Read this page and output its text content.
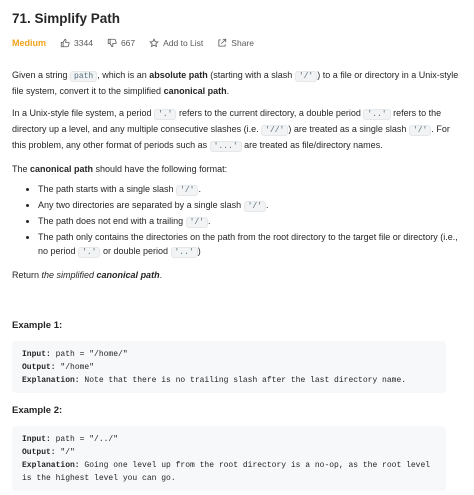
71. Simplify Path
Medium	3344	667	Add to List	Share

Given a string path , which is an absolute path (starting with a slash '/' ) to a file or directory in a Unix-style file system, convert it to the simplified canonical path.

In a Unix-style file system, a period '.' refers to the current directory, a double period '..' refers to the directory up a level, and any multiple consecutive slashes (i.e. '//' ) are treated as a single slash '/' . For this problem, any other format of periods such as '...' are treated as file/directory names.

The canonical path should have the following format:

• The path starts with a single slash '/' .
• Any two directories are separated by a single slash '/' .
• The path does not end with a trailing '/' .
• The path only contains the directories on the path from the root directory to the target file or directory (i.e., no period '.' or double period '..' )

Return the simplified canonical path.

Example 1:
Input: path = "/home/"
Output: "/home"
Explanation: Note that there is no trailing slash after the last directory name.
Example 2:
Input: path = "/../"
Output: "/"
Explanation: Going one level up from the root directory is a no-op, as the root level is the highest level you can go.
